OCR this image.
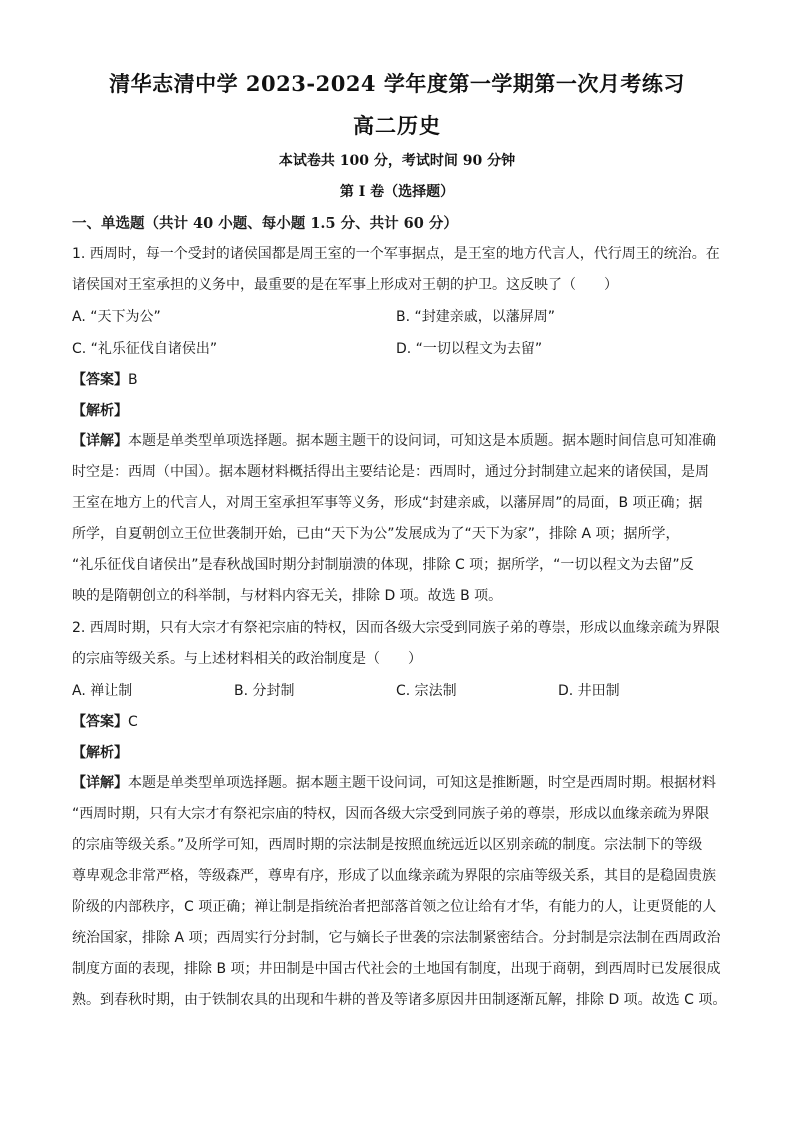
清华志清中学 2023-2024 学年度第一学期第一次月考练习
高二历史
本试卷共 100 分，考试时间 90 分钟
第 I 卷（选择题）
一、单选题（共计 40 小题、每小题 1.5 分、共计 60 分）
1. 西周时，每一个受封的诸侯国都是周王室的一个军事据点，是王室的地方代言人，代行周王的统治。在
诸侯国对王室承担的义务中，最重要的是在军事上形成对王朝的护卫。这反映了（　　）
A. “天下为公”	B. “封建亲戚，以藩屏周”
C. “礼乐征伐自诸侯出”	D. “一切以程文为去留”
【答案】B
【解析】
【详解】本题是单类型单项选择题。据本题主题干的设问词，可知这是本质题。据本题时间信息可知准确
时空是：西周（中国）。据本题材料概括得出主要结论是：西周时，通过分封制建立起来的诸侯国，是周
王室在地方上的代言人，对周王室承担军事等义务，形成“封建亲戚，以藩屏周”的局面，B 项正确；据
所学，自夏朝创立王位世袭制开始，已由“天下为公”发展成为了“天下为家”，排除 A 项；据所学，
“礼乐征伐自诸侯出”是春秋战国时期分封制崩溃的体现，排除 C 项；据所学，“一切以程文为去留”反
映的是隋朝创立的科举制，与材料内容无关，排除 D 项。故选 B 项。
2. 西周时期，只有大宗才有祭祀宗庙的特权，因而各级大宗受到同族子弟的尊崇，形成以血缘亲疏为界限
的宗庙等级关系。与上述材料相关的政治制度是（　　）
A. 禅让制	B. 分封制	C. 宗法制	D. 井田制
【答案】C
【解析】
【详解】本题是单类型单项选择题。据本题主题干设问词，可知这是推断题，时空是西周时期。根据材料
“西周时期，只有大宗才有祭祀宗庙的特权，因而各级大宗受到同族子弟的尊崇，形成以血缘亲疏为界限
的宗庙等级关系。”及所学可知，西周时期的宗法制是按照血统远近以区别亲疏的制度。宗法制下的等级
尊卑观念非常严格，等级森严，尊卑有序，形成了以血缘亲疏为界限的宗庙等级关系，其目的是稳固贵族
阶级的内部秩序，C 项正确；禅让制是指统治者把部落首领之位让给有才华，有能力的人，让更贤能的人
统治国家，排除 A 项；西周实行分封制，它与嫡长子世袭的宗法制紧密结合。分封制是宗法制在西周政治
制度方面的表现，排除 B 项；井田制是中国古代社会的土地国有制度，出现于商朝，到西周时已发展很成
熟。到春秋时期，由于铁制农具的出现和牛耕的普及等诸多原因井田制逐渐瓦解，排除 D 项。故选 C 项。
